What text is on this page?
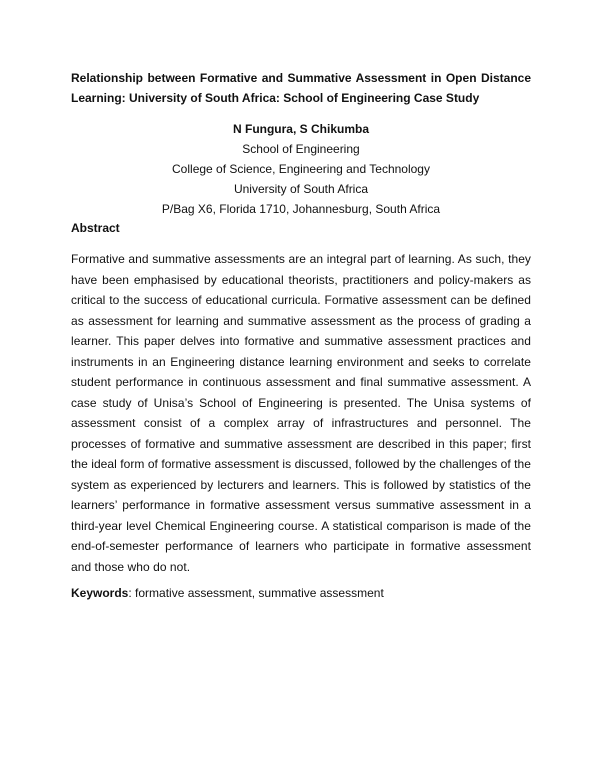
Relationship between Formative and Summative Assessment in Open Distance Learning: University of South Africa: School of Engineering Case Study
N Fungura, S Chikumba
School of Engineering
College of Science, Engineering and Technology
University of South Africa
P/Bag X6, Florida 1710, Johannesburg, South Africa
Abstract
Formative and summative assessments are an integral part of learning. As such, they have been emphasised by educational theorists, practitioners and policy-makers as critical to the success of educational curricula. Formative assessment can be defined as assessment for learning and summative assessment as the process of grading a learner. This paper delves into formative and summative assessment practices and instruments in an Engineering distance learning environment and seeks to correlate student performance in continuous assessment and final summative assessment. A case study of Unisa’s School of Engineering is presented. The Unisa systems of assessment consist of a complex array of infrastructures and personnel. The processes of formative and summative assessment are described in this paper; first the ideal form of formative assessment is discussed, followed by the challenges of the system as experienced by lecturers and learners. This is followed by statistics of the learners’ performance in formative assessment versus summative assessment in a third-year level Chemical Engineering course. A statistical comparison is made of the end-of-semester performance of learners who participate in formative assessment and those who do not.
Keywords: formative assessment, summative assessment
